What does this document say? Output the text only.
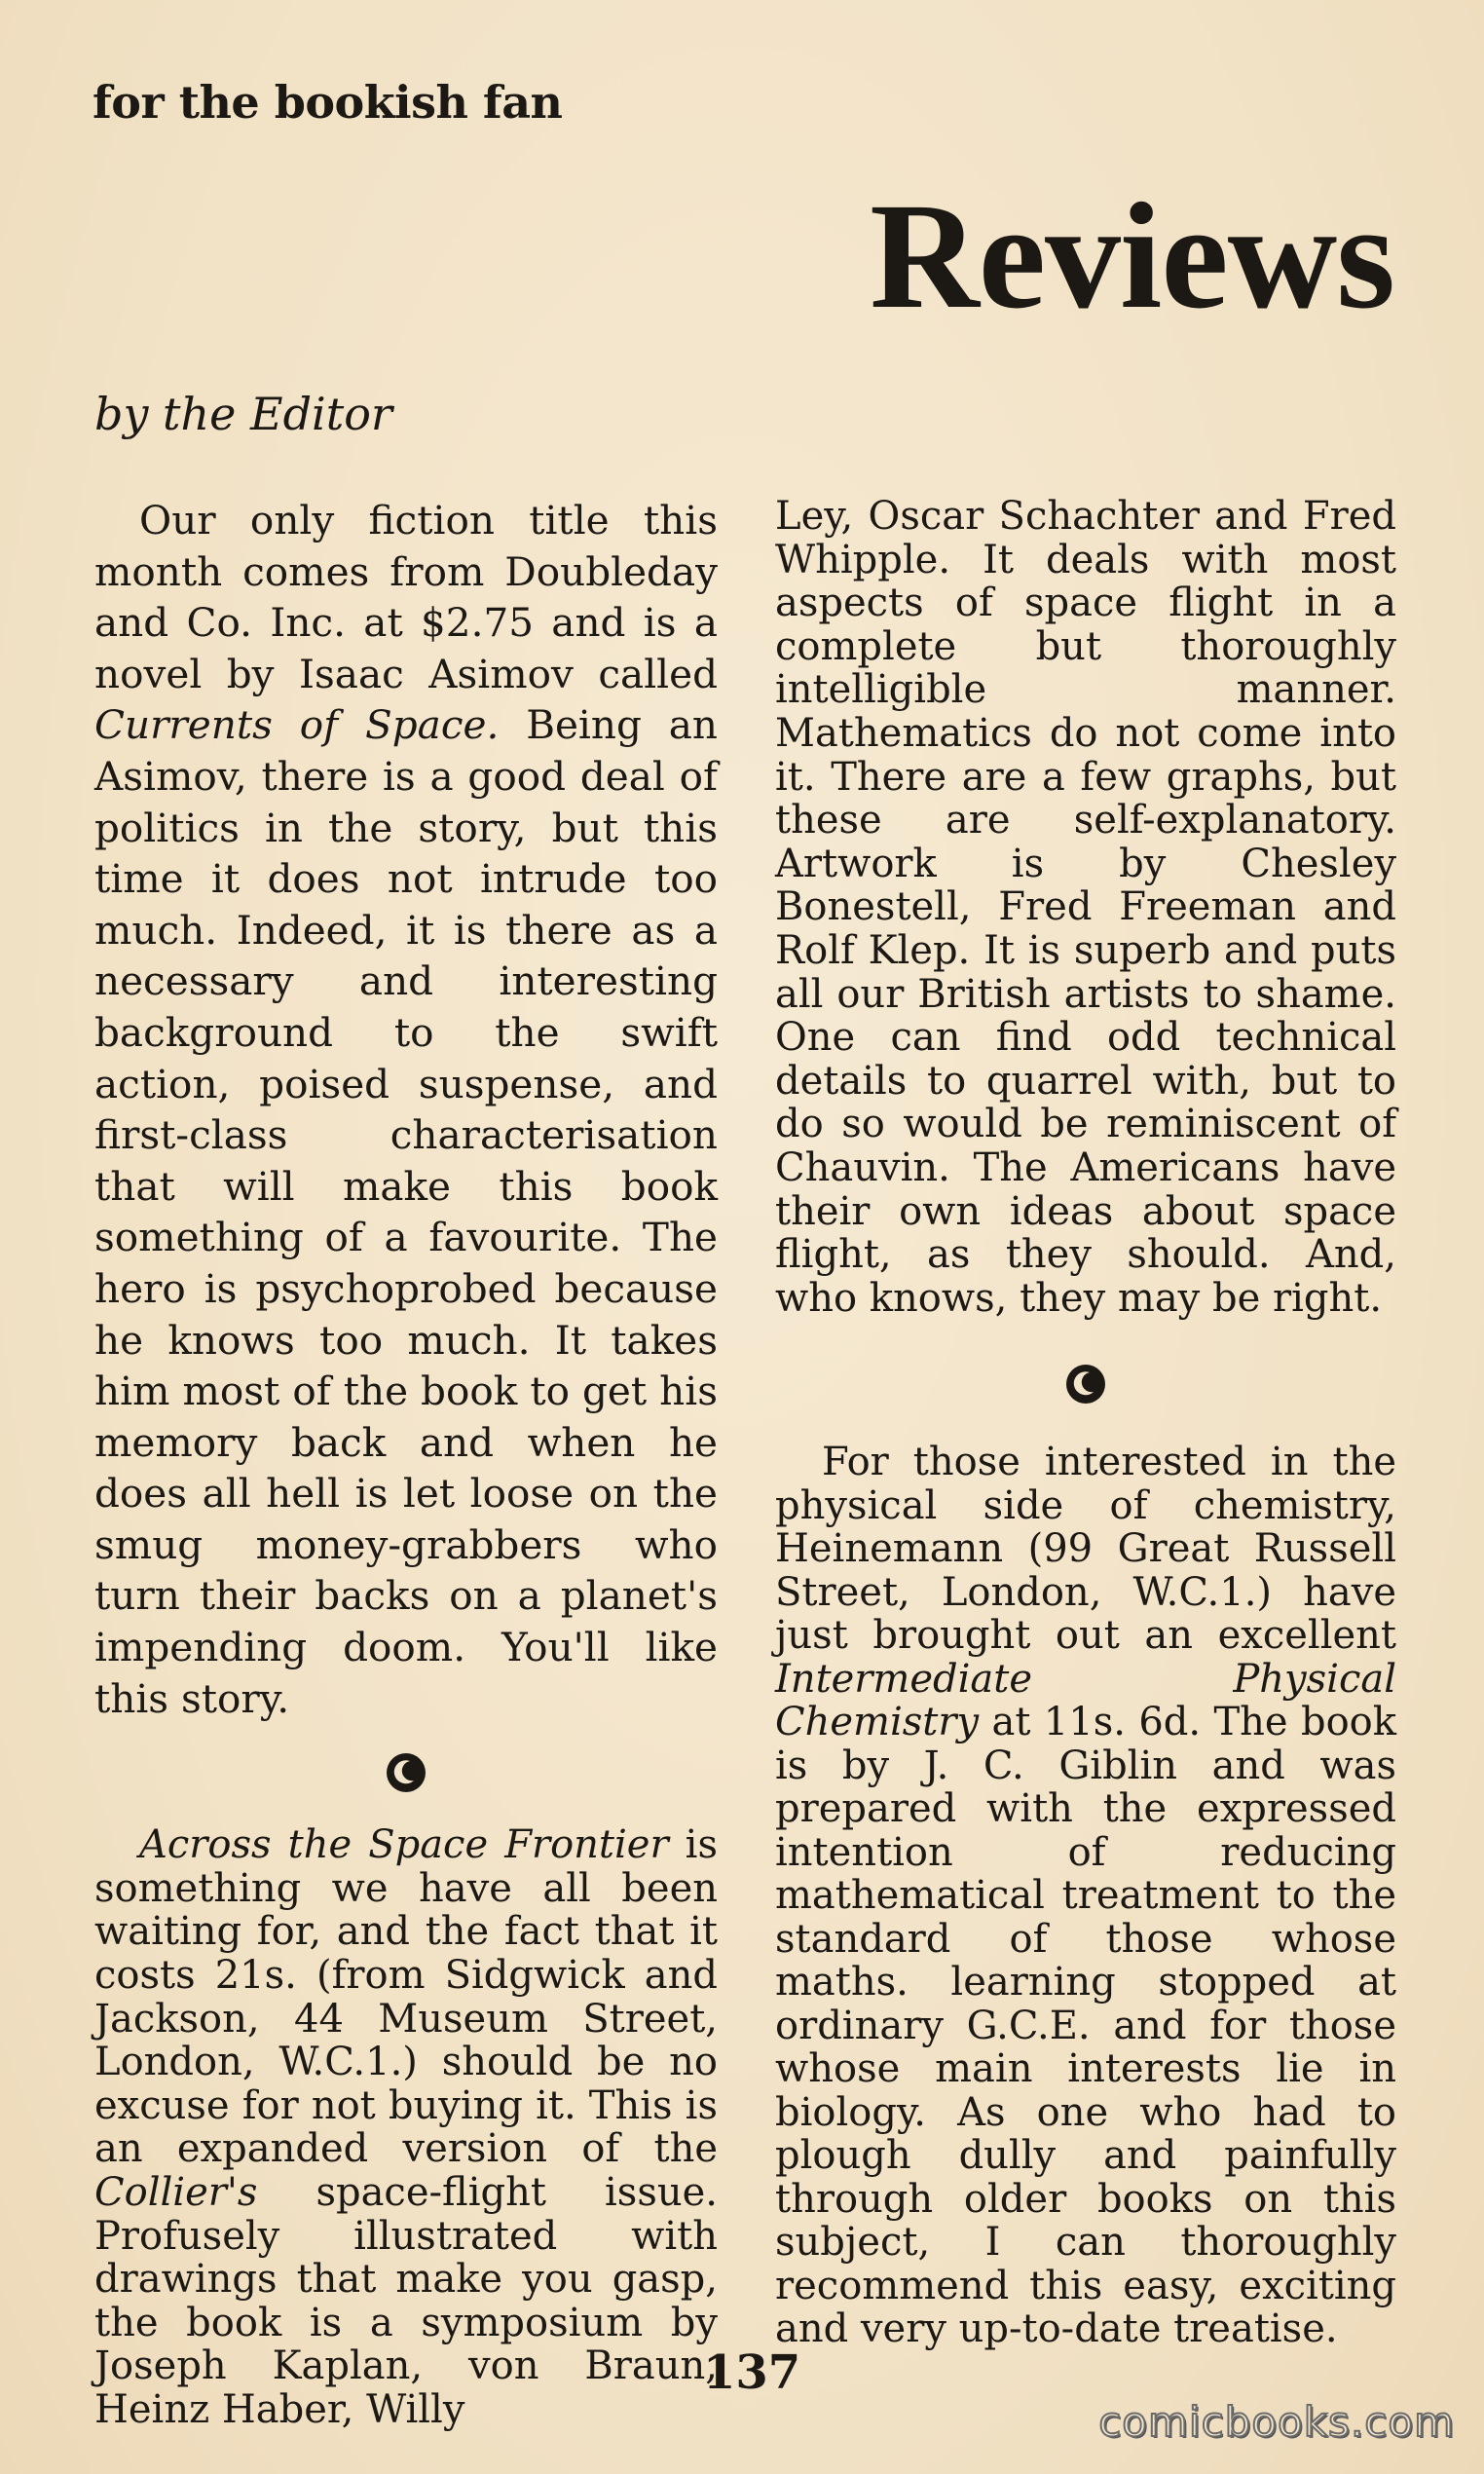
for the bookish fan
Reviews
by the Editor

Our only fiction title this month comes from Doubleday and Co. Inc. at $2.75 and is a novel by Isaac Asimov called Currents of Space. Being an Asimov, there is a good deal of politics in the story, but this time it does not intrude too much. Indeed, it is there as a necessary and interesting background to the swift action, poised suspense, and first-class characterisation that will make this book something of a favourite. The hero is psychoprobed because he knows too much. It takes him most of the book to get his memory back and when he does all hell is let loose on the smug money-grabbers who turn their backs on a planet's impending doom. You'll like this story.

Across the Space Frontier is something we have all been waiting for, and the fact that it costs 21s. (from Sidgwick and Jackson, 44 Museum Street, London, W.C.1.) should be no excuse for not buying it. This is an expanded version of the Collier's space-flight issue. Profusely illustrated with drawings that make you gasp, the book is a symposium by Joseph Kaplan, von Braun, Heinz Haber, Willy

Ley, Oscar Schachter and Fred Whipple. It deals with most aspects of space flight in a complete but thoroughly intelligible manner. Mathematics do not come into it. There are a few graphs, but these are self-explanatory. Artwork is by Chesley Bonestell, Fred Freeman and Rolf Klep. It is superb and puts all our British artists to shame. One can find odd technical details to quarrel with, but to do so would be reminiscent of Chauvin. The Americans have their own ideas about space flight, as they should. And, who knows, they may be right.

For those interested in the physical side of chemistry, Heinemann (99 Great Russell Street, London, W.C.1.) have just brought out an excellent Intermediate Physical Chemistry at 11s. 6d. The book is by J. C. Giblin and was prepared with the expressed intention of reducing mathematical treatment to the standard of those whose maths. learning stopped at ordinary G.C.E. and for those whose main interests lie in biology. As one who had to plough dully and painfully through older books on this subject, I can thoroughly recommend this easy, exciting and very up-to-date treatise.

137
comicbooks.com
